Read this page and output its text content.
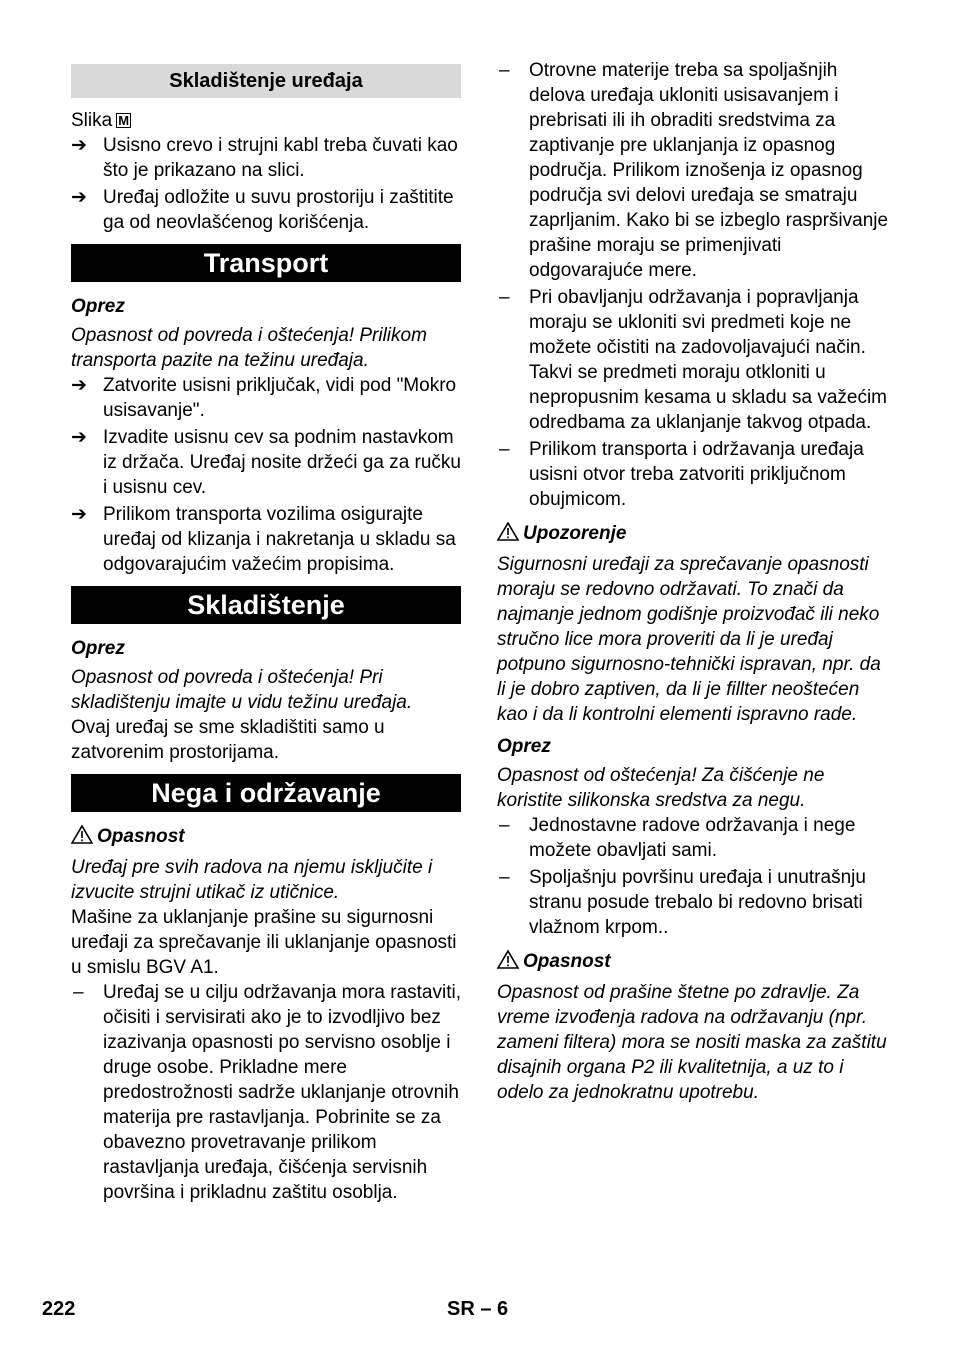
Skladištenje uređaja

Slika M

➔ Usisno crevo i strujni kabl treba čuvati kao što je prikazano na slici.
➔ Uređaj odložite u suvu prostoriju i zaštitite ga od neovlašćenog korišćenja.
Transport

Oprez

Opasnost od povreda i oštećenja! Prilikom transporta pazite na težinu uređaja.

➔ Zatvorite usisni priključak, vidi pod "Mokro usisavanje".
➔ Izvadite usisnu cev sa podnim nastavkom iz držača. Uređaj nosite držeći ga za ručku i usisnu cev.
➔ Prilikom transporta vozilima osigurajte uređaj od klizanja i nakretanja u skladu sa odgovarajućim važećim propisima.
Skladištenje

Oprez

Opasnost od povreda i oštećenja! Pri skladištenju imajte u vidu težinu uređaja.

Ovaj uređaj se sme skladištiti samo u zatvorenim prostorijama.

Nega i održavanje

Opasnost

Uređaj pre svih radova na njemu isključite i izvucite strujni utikač iz utičnice.

Mašine za uklanjanje prašine su sigurnosni uređaji za sprečavanje ili uklanjanje opasnosti u smislu BGV A1.

– Uređaj se u cilju održavanja mora rastaviti, očisiti i servisirati ako je to izvodljivo bez izazivanja opasnosti po servisno osoblje i druge osobe. Prikladne mere predostrožnosti sadrže uklanjanje otrovnih materija pre rastavljanja. Pobrinite se za obavezno provetravanje prilikom rastavljanja uređaja, čišćenja servisnih površina i prikladnu zaštitu osoblja.
– Otrovne materije treba sa spoljašnjih delova uređaja ukloniti usisavanjem i prebrisati ili ih obraditi sredstvima za zaptivanje pre uklanjanja iz opasnog područja. Prilikom iznošenja iz opasnog područja svi delovi uređaja se smatraju zaprljanim. Kako bi se izbeglo raspršivanje prašine moraju se primenjivati odgovarajuće mere.
– Pri obavljanju održavanja i popravljanja moraju se ukloniti svi predmeti koje ne možete očistiti na zadovoljavajući način. Takvi se predmeti moraju otkloniti u nepropusnim kesama u skladu sa važećim odredbama za uklanjanje takvog otpada.
– Prilikom transporta i održavanja uređaja usisni otvor treba zatvoriti priključnom obujmicom.

Upozorenje

Sigurnosni uređaji za sprečavanje opasnosti moraju se redovno održavati. To znači da najmanje jednom godišnje proizvođač ili neko stručno lice mora proveriti da li je uređaj potpuno sigurnosno-tehnički ispravan, npr. da li je dobro zaptiven, da li je fillter neoštećen kao i da li kontrolni elementi ispravno rade.

Oprez

Opasnost od oštećenja! Za čišćenje ne koristite silikonska sredstva za negu.

– Jednostavne radove održavanja i nege možete obavljati sami.
– Spoljašnju površinu uređaja i unutrašnju stranu posude trebalo bi redovno brisati vlažnom krpom..

Opasnost

Opasnost od prašine štetne po zdravlje. Za vreme izvođenja radova na održavanju (npr. zameni filtera) mora se nositi maska za zaštitu disajnih organa P2 ili kvalitetnija, a uz to i odelo za jednokratnu upotrebu.

222	SR – 6
